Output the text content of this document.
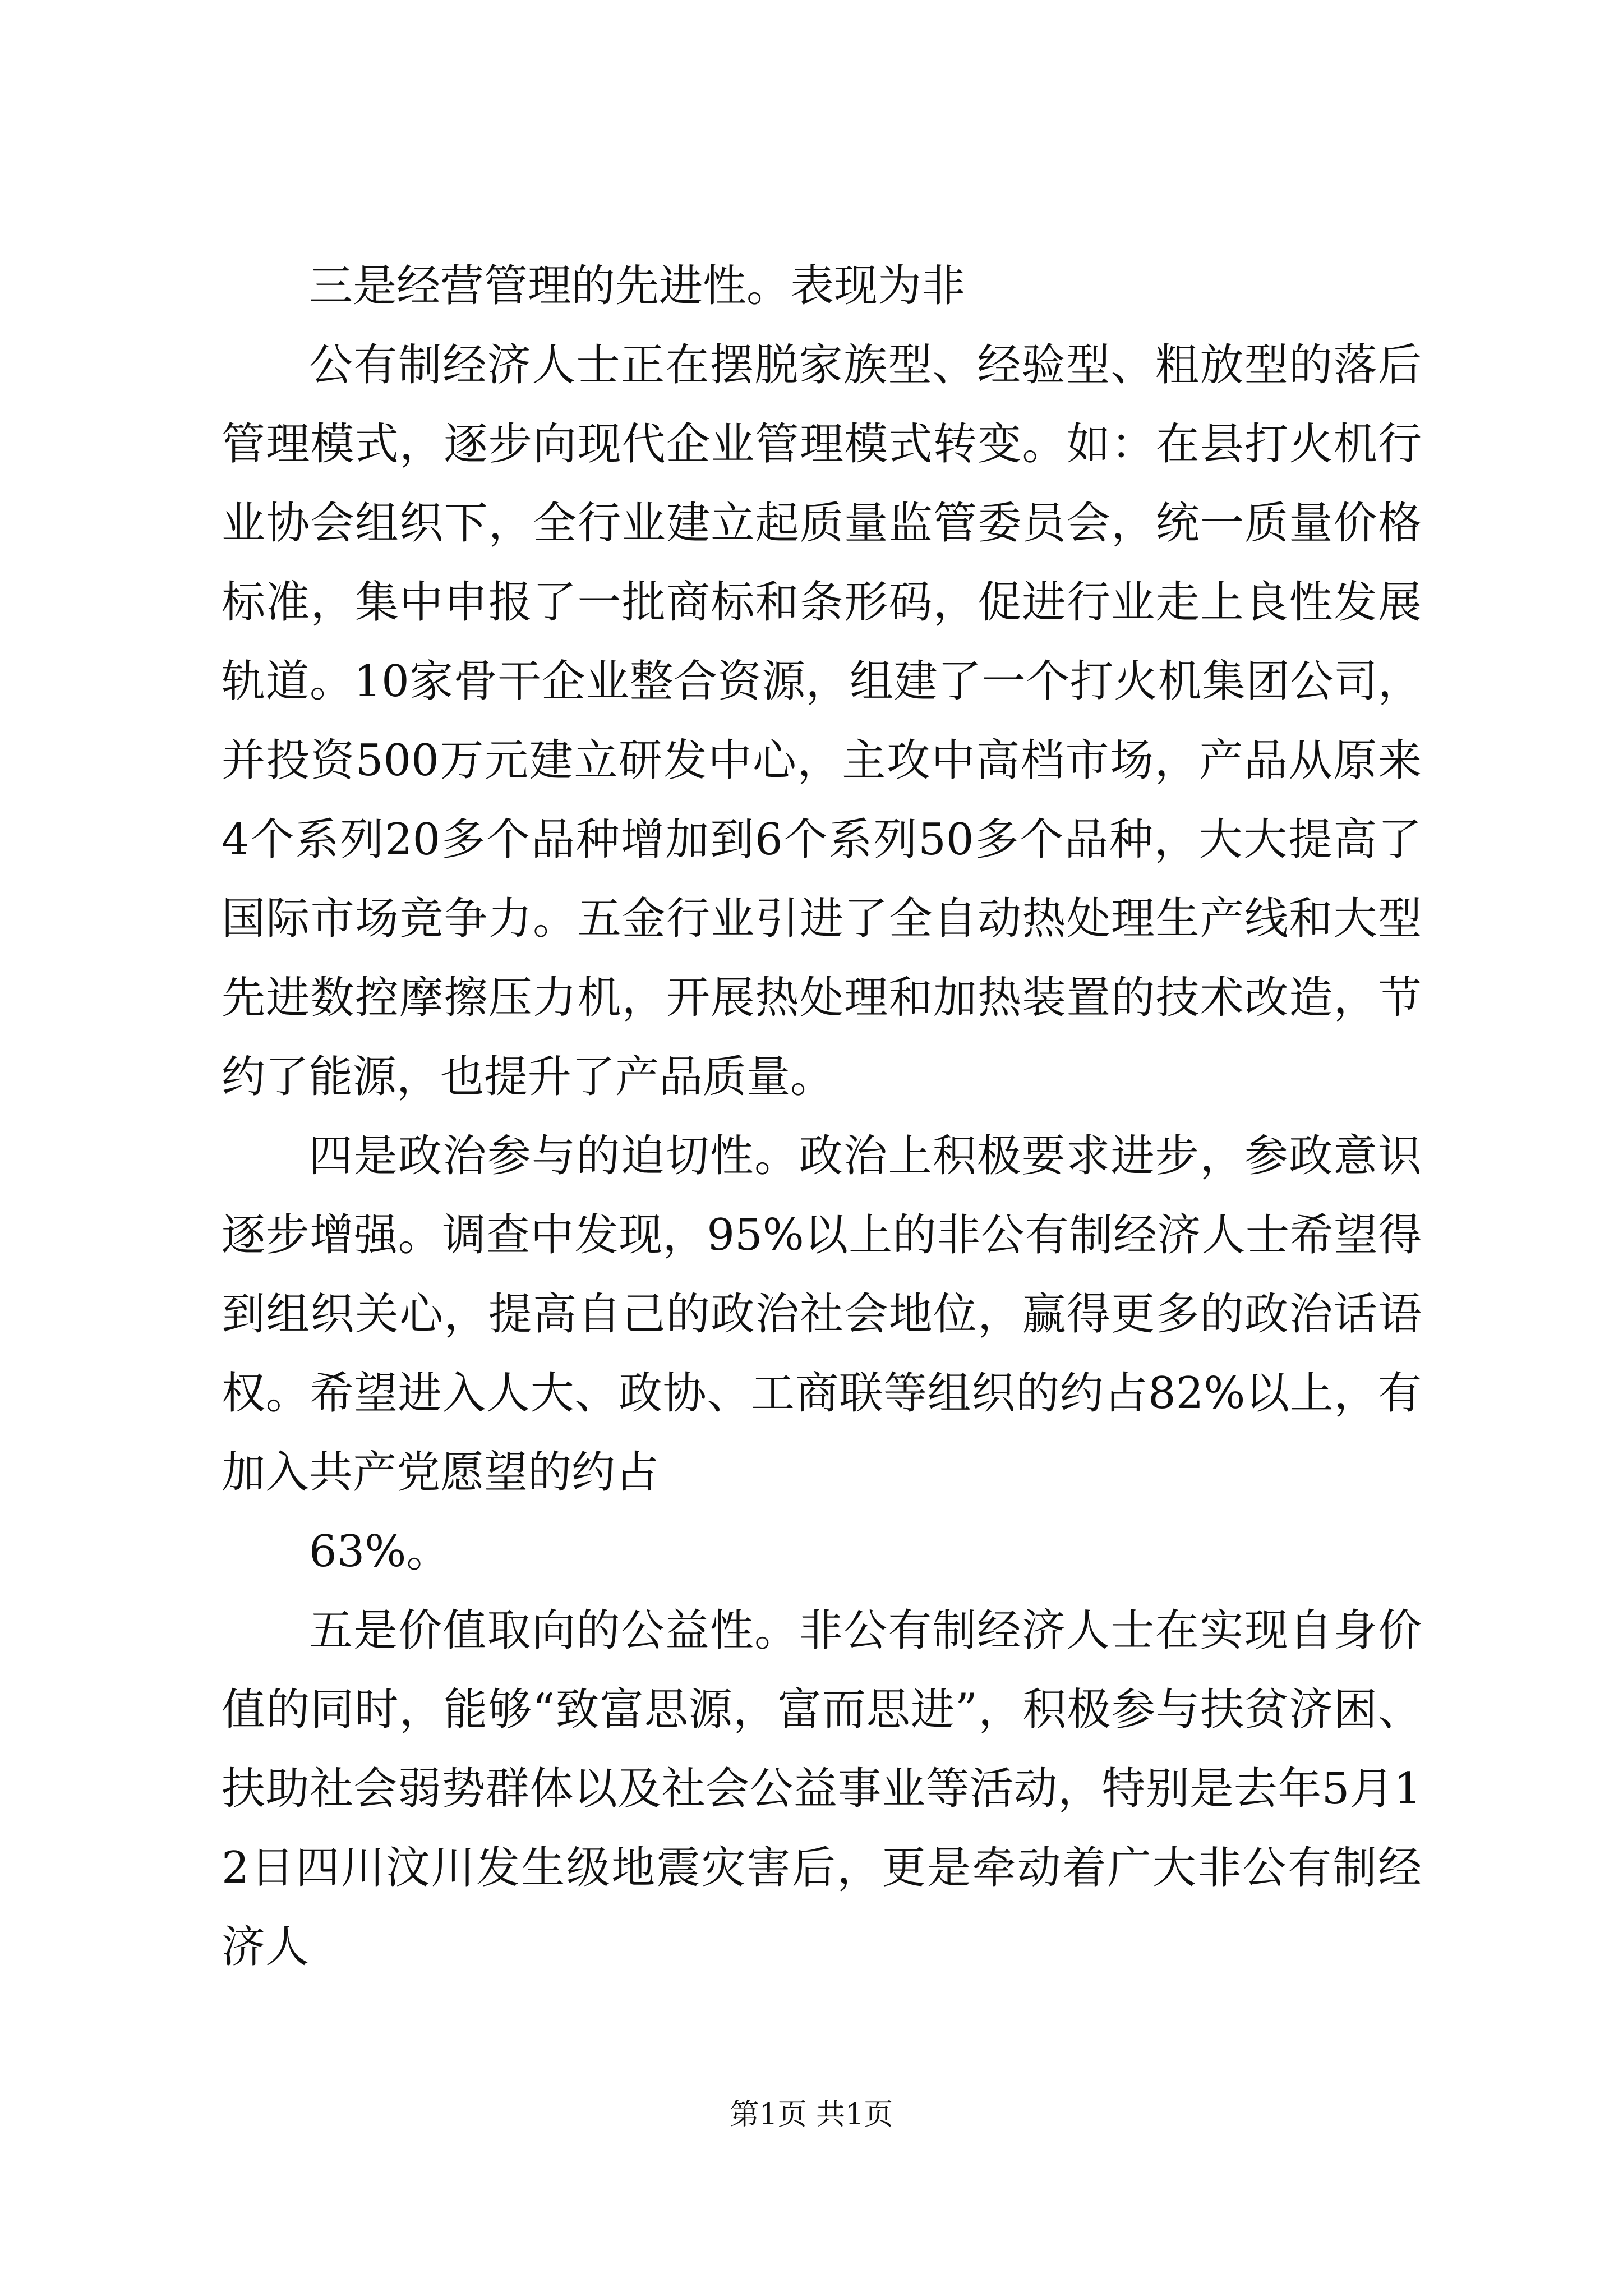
三是经营管理的先进性。表现为非

公有制经济人士正在摆脱家族型、经验型、粗放型的落后管理模式，逐步向现代企业管理模式转变。如：在县打火机行业协会组织下，全行业建立起质量监管委员会，统一质量价格标准，集中申报了一批商标和条形码，促进行业走上良性发展轨道。10家骨干企业整合资源，组建了一个打火机集团公司，并投资500万元建立研发中心，主攻中高档市场，产品从原来4个系列20多个品种增加到6个系列50多个品种，大大提高了国际市场竞争力。五金行业引进了全自动热处理生产线和大型先进数控摩擦压力机，开展热处理和加热装置的技术改造，节约了能源，也提升了产品质量。

四是政治参与的迫切性。政治上积极要求进步，参政意识逐步增强。调查中发现，95%以上的非公有制经济人士希望得到组织关心，提高自己的政治社会地位，赢得更多的政治话语权。希望进入人大、政协、工商联等组织的约占82%以上，有加入共产党愿望的约占

63%。

五是价值取向的公益性。非公有制经济人士在实现自身价值的同时，能够“致富思源，富而思进”，积极参与扶贫济困、扶助社会弱势群体以及社会公益事业等活动，特别是去年5月12日四川汶川发生级地震灾害后，更是牵动着广大非公有制经济人

第1页 共1页
